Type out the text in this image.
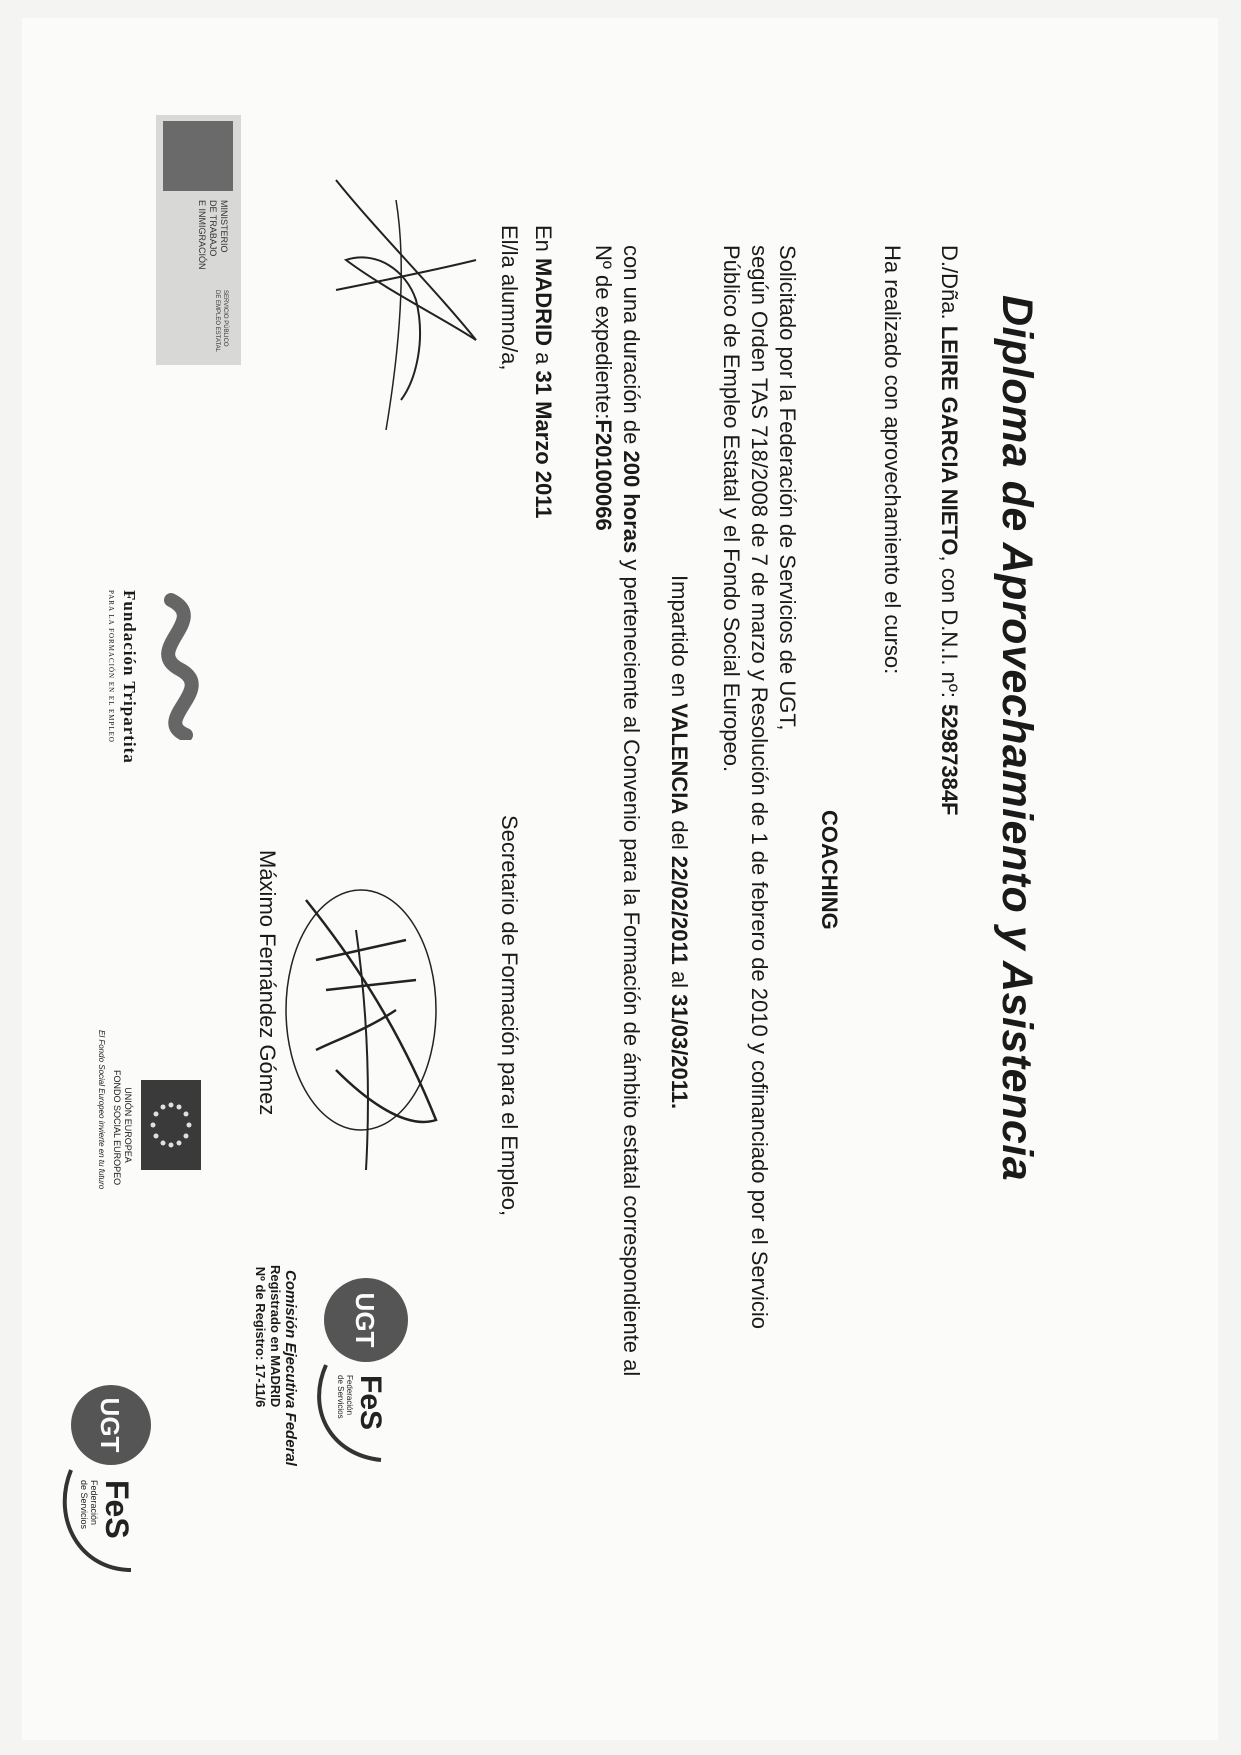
Diploma de Aprovechamiento y Asistencia
D./Dña. LEIRE GARCIA NIETO, con D.N.I. nº: 52987384F
Ha realizado con aprovechamiento el curso:
COACHING
Solicitado por la Federación de Servicios de UGT,
según Orden TAS 718/2008 de 7 de marzo y Resolución de 1 de febrero de 2010 y cofinanciado por el Servicio
Público de Empleo Estatal y el Fondo Social Europeo.
Impartido en VALENCIA del 22/02/2011 al 31/03/2011.
con una duración de 200 horas y perteneciente al Convenio para la Formación de ámbito estatal correspondiente al
Nº de expediente:F20100066
En MADRID a 31 Marzo 2011
El/la alumno/a,
Secretario de Formación para el Empleo,
Máximo Fernández Gómez
Registrado en MADRID
Nº de Registro: 17-11/6	UGT
FeS
Federación
de Servicios
Comisión Ejecutiva Federal
MINISTERIO
DE TRABAJO
E INMIGRACIÓN
SERVICIO PÚBLICO
DE EMPLEO ESTATAL
Fundación Tripartita
PARA LA FORMACIÓN EN EL EMPLEO
UNIÓN EUROPEA
FONDO SOCIAL EUROPEO
El Fondo Social Europeo invierte en tu futuro
UGT
FeS
Federación
de Servicios
